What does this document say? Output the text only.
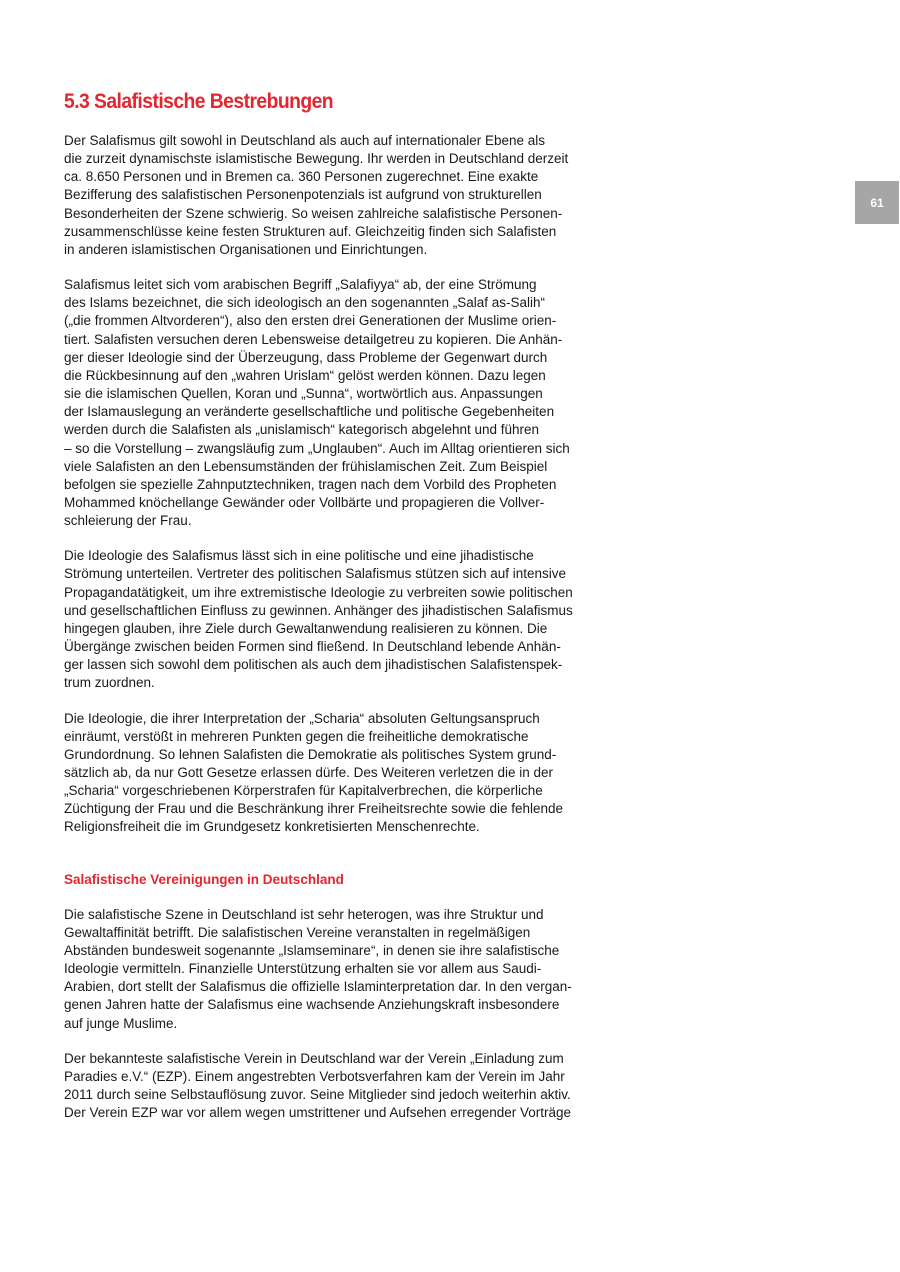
61
5.3 Salafistische Bestrebungen

Der Salafismus gilt sowohl in Deutschland als auch auf internationaler Ebene als
die zurzeit dynamischste islamistische Bewegung. Ihr werden in Deutschland derzeit
ca. 8.650 Personen und in Bremen ca. 360 Personen zugerechnet. Eine exakte
Bezifferung des salafistischen Personenpotenzials ist aufgrund von strukturellen
Besonderheiten der Szene schwierig. So weisen zahlreiche salafistische Personen-
zusammenschlüsse keine festen Strukturen auf. Gleichzeitig finden sich Salafisten
in anderen islamistischen Organisationen und Einrichtungen.

Salafismus leitet sich vom arabischen Begriff „Salafiyya“ ab, der eine Strömung
des Islams bezeichnet, die sich ideologisch an den sogenannten „Salaf as-Salih“
(„die frommen Altvorderen“), also den ersten drei Generationen der Muslime orien-
tiert. Salafisten versuchen deren Lebensweise detailgetreu zu kopieren. Die Anhän-
ger dieser Ideologie sind der Überzeugung, dass Probleme der Gegenwart durch
die Rückbesinnung auf den „wahren Urislam“ gelöst werden können. Dazu legen
sie die islamischen Quellen, Koran und „Sunna“, wortwörtlich aus. Anpassungen
der Islamauslegung an veränderte gesellschaftliche und politische Gegebenheiten
werden durch die Salafisten als „unislamisch“ kategorisch abgelehnt und führen
– so die Vorstellung – zwangsläufig zum „Unglauben“. Auch im Alltag orientieren sich
viele Salafisten an den Lebensumständen der frühislamischen Zeit. Zum Beispiel
befolgen sie spezielle Zahnputztechniken, tragen nach dem Vorbild des Propheten
Mohammed knöchellange Gewänder oder Vollbärte und propagieren die Vollver-
schleierung der Frau.

Die Ideologie des Salafismus lässt sich in eine politische und eine jihadistische
Strömung unterteilen. Vertreter des politischen Salafismus stützen sich auf intensive
Propagandatätigkeit, um ihre extremistische Ideologie zu verbreiten sowie politischen
und gesellschaftlichen Einfluss zu gewinnen. Anhänger des jihadistischen Salafismus
hingegen glauben, ihre Ziele durch Gewaltanwendung realisieren zu können. Die
Übergänge zwischen beiden Formen sind fließend. In Deutschland lebende Anhän-
ger lassen sich sowohl dem politischen als auch dem jihadistischen Salafistenspek-
trum zuordnen.

Die Ideologie, die ihrer Interpretation der „Scharia“ absoluten Geltungsanspruch
einräumt, verstößt in mehreren Punkten gegen die freiheitliche demokratische
Grundordnung. So lehnen Salafisten die Demokratie als politisches System grund-
sätzlich ab, da nur Gott Gesetze erlassen dürfe. Des Weiteren verletzen die in der
„Scharia“ vorgeschriebenen Körperstrafen für Kapitalverbrechen, die körperliche
Züchtigung der Frau und die Beschränkung ihrer Freiheitsrechte sowie die fehlende
Religionsfreiheit die im Grundgesetz konkretisierten Menschenrechte.

Salafistische Vereinigungen in Deutschland

Die salafistische Szene in Deutschland ist sehr heterogen, was ihre Struktur und
Gewaltaffinität betrifft. Die salafistischen Vereine veranstalten in regelmäßigen
Abständen bundesweit sogenannte „Islamseminare“, in denen sie ihre salafistische
Ideologie vermitteln. Finanzielle Unterstützung erhalten sie vor allem aus Saudi-
Arabien, dort stellt der Salafismus die offizielle Islaminterpretation dar. In den vergan-
genen Jahren hatte der Salafismus eine wachsende Anziehungskraft insbesondere
auf junge Muslime.

Der bekannteste salafistische Verein in Deutschland war der Verein „Einladung zum
Paradies e.V.“ (EZP). Einem angestrebten Verbotsverfahren kam der Verein im Jahr
2011 durch seine Selbstauflösung zuvor. Seine Mitglieder sind jedoch weiterhin aktiv.
Der Verein EZP war vor allem wegen umstrittener und Aufsehen erregender Vorträge
